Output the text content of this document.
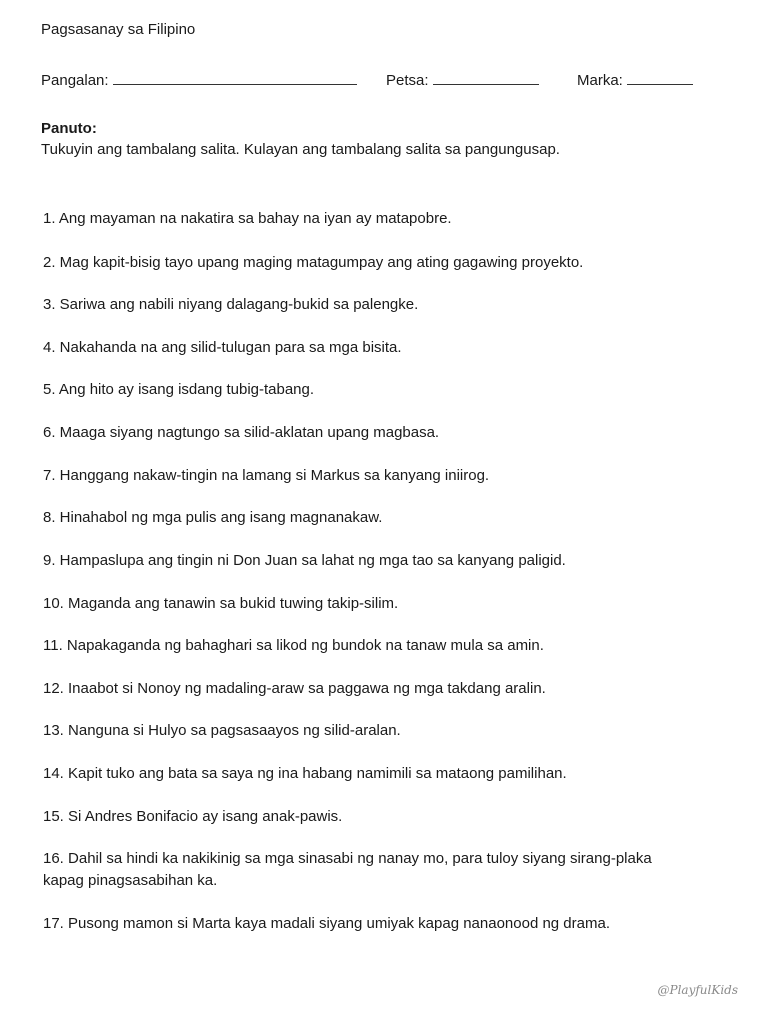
Pagsasanay sa Filipino
Pangalan:	Petsa:	Marka:
Panuto:
Tukuyin ang tambalang salita. Kulayan ang tambalang salita sa pangungusap.
1. Ang mayaman na nakatira sa bahay na iyan ay matapobre.
2. Mag kapit-bisig tayo upang maging matagumpay ang ating gagawing proyekto.
3. Sariwa ang nabili niyang dalagang-bukid sa palengke.
4. Nakahanda na ang silid-tulugan para sa mga bisita.
5. Ang hito ay isang isdang tubig-tabang.
6. Maaga siyang nagtungo sa silid-aklatan upang magbasa.
7. Hanggang nakaw-tingin na lamang si Markus sa kanyang iniirog.
8. Hinahabol ng mga pulis ang isang magnanakaw.
9. Hampaslupa ang tingin ni Don Juan sa lahat ng mga tao sa kanyang paligid.
10. Maganda ang tanawin sa bukid tuwing takip-silim.
11. Napakaganda ng bahaghari sa likod ng bundok na tanaw mula sa amin.
12. Inaabot si Nonoy ng madaling-araw sa paggawa ng mga takdang aralin.
13. Nanguna si Hulyo sa pagsasaayos ng silid-aralan.
14. Kapit tuko ang bata sa saya ng ina habang namimili sa mataong pamilihan.
15. Si Andres Bonifacio ay isang anak-pawis.
16. Dahil sa hindi ka nakikinig sa mga sinasabi ng nanay mo, para tuloy siyang sirang-plaka kapag pinagsasabihan ka.
17. Pusong mamon si Marta kaya madali siyang umiyak kapag nanaonood ng drama.
@PlayfulKids
